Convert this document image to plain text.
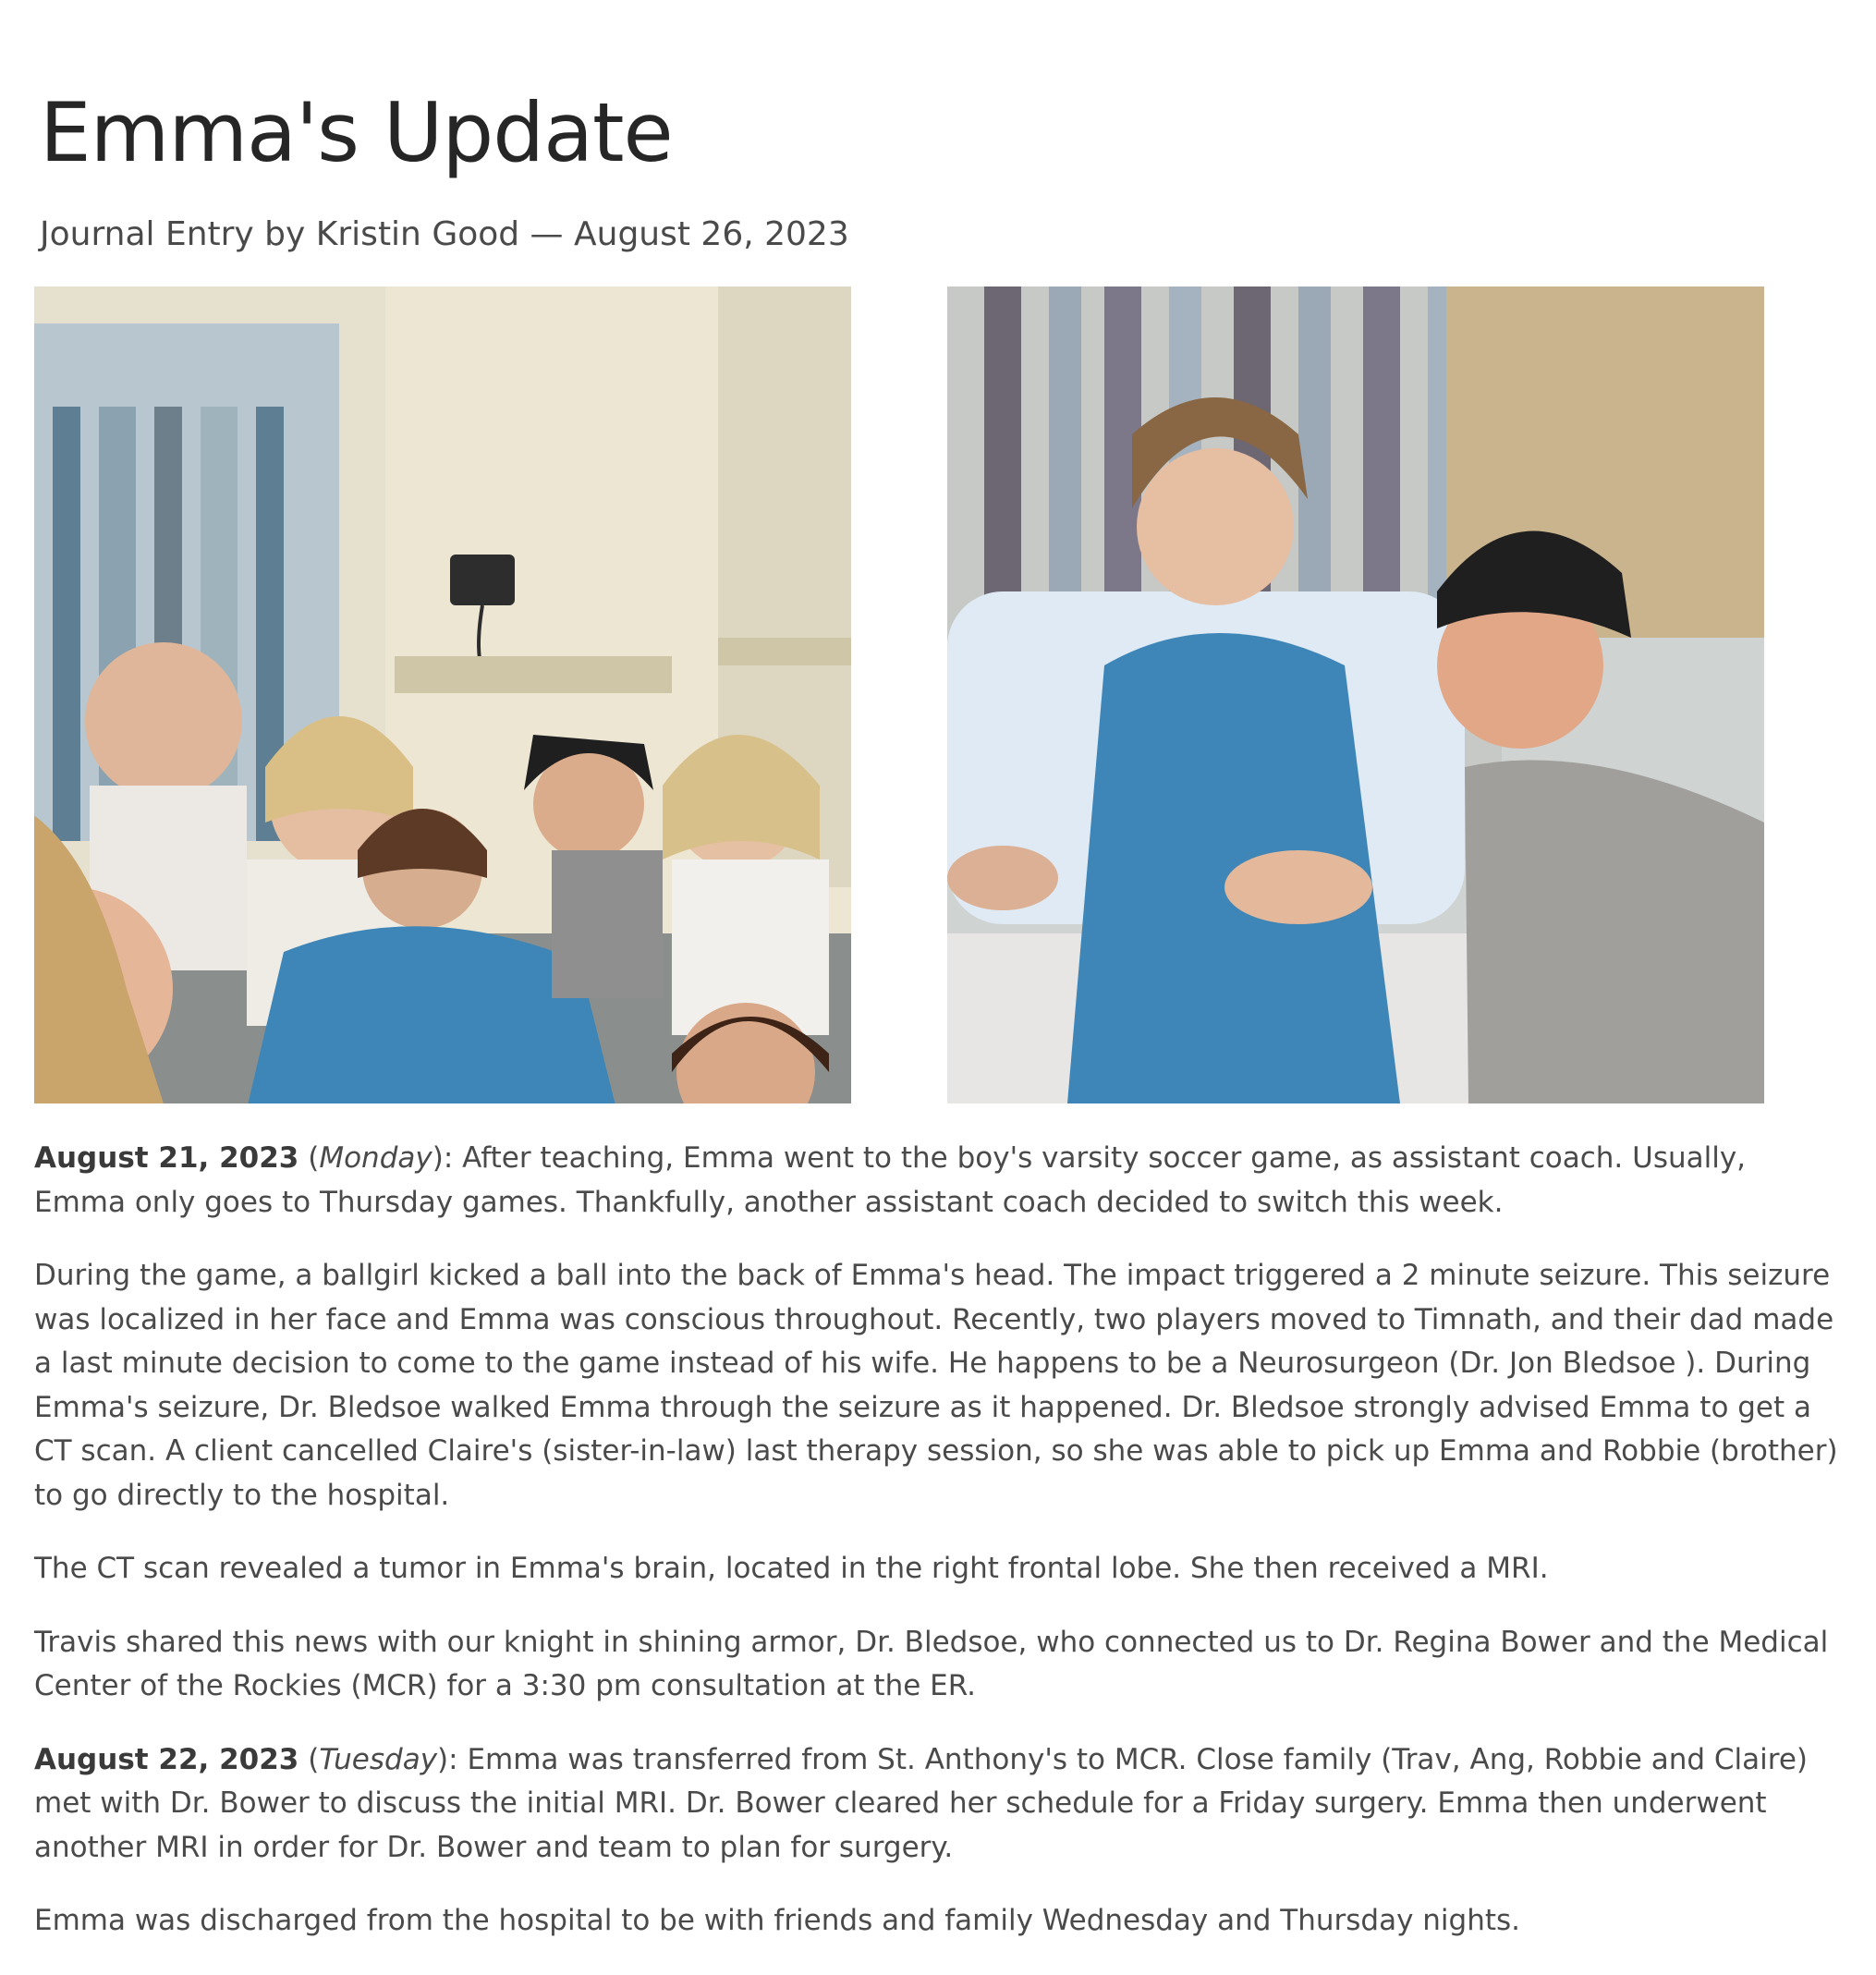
Emma's Update
Journal Entry by Kristin Good — August 26, 2023

August 21, 2023 (Monday): After teaching, Emma went to the boy's varsity soccer game, as assistant coach. Usually, Emma only goes to Thursday games. Thankfully, another assistant coach decided to switch this week.

During the game, a ballgirl kicked a ball into the back of Emma's head. The impact triggered a 2 minute seizure. This seizure was localized in her face and Emma was conscious throughout. Recently, two players moved to Timnath, and their dad made a last minute decision to come to the game instead of his wife. He happens to be a Neurosurgeon (Dr. Jon Bledsoe ). During Emma's seizure, Dr. Bledsoe walked Emma through the seizure as it happened. Dr. Bledsoe strongly advised Emma to get a CT scan. A client cancelled Claire's (sister-in-law) last therapy session, so she was able to pick up Emma and Robbie (brother) to go directly to the hospital.

The CT scan revealed a tumor in Emma's brain, located in the right frontal lobe. She then received a MRI.

Travis shared this news with our knight in shining armor, Dr. Bledsoe, who connected us to Dr. Regina Bower and the Medical Center of the Rockies (MCR) for a 3:30 pm consultation at the ER.

August 22, 2023 (Tuesday): Emma was transferred from St. Anthony's to MCR. Close family (Trav, Ang, Robbie and Claire) met with Dr. Bower to discuss the initial MRI. Dr. Bower cleared her schedule for a Friday surgery. Emma then underwent another MRI in order for Dr. Bower and team to plan for surgery.

Emma was discharged from the hospital to be with friends and family Wednesday and Thursday nights.
